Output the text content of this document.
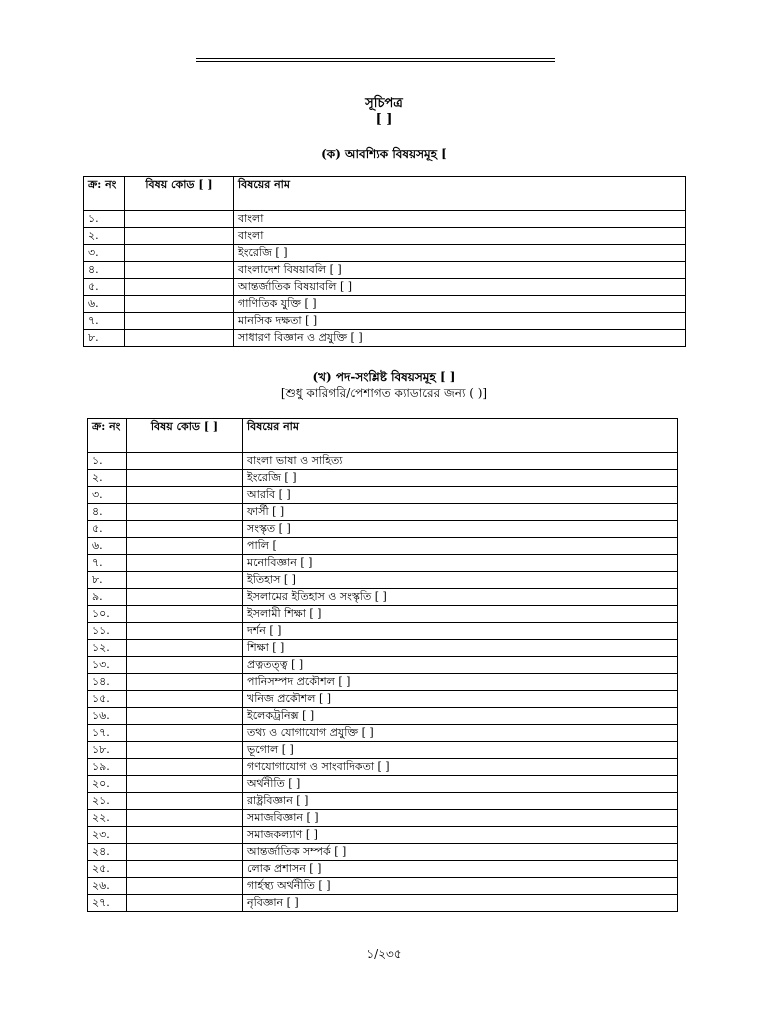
সূচিপত্র
[ ]
(ক) আবশ্যিক বিষয়সমূহ [
ক্র: নং	বিষয় কোড [ ]	বিষয়ের নাম
১.		বাংলা
২.		বাংলা
৩.		ইংরেজি [ ]
৪.		বাংলাদেশ বিষয়াবলি [ ]
৫.		আন্তর্জাতিক বিষয়াবলি [ ]
৬.		গাণিতিক যুক্তি [ ]
৭.		মানসিক দক্ষতা [ ]
৮.		সাধারণ বিজ্ঞান ও প্রযুক্তি [ ]
(খ) পদ-সংশ্লিষ্ট বিষয়সমূহ [ ]
[শুধু কারিগরি/পেশাগত ক্যাডারের জন্য ( )]
ক্র: নং	বিষয় কোড [ ]	বিষয়ের নাম
১.		বাংলা ভাষা ও সাহিত্য
২.		ইংরেজি [ ]
৩.		আরবি [ ]
৪.		ফার্সী [ ]
৫.		সংস্কৃত [ ]
৬.		পালি [
৭.		মনোবিজ্ঞান [ ]
৮.		ইতিহাস [ ]
৯.		ইসলামের ইতিহাস ও সংস্কৃতি [ ]
১০.		ইসলামী শিক্ষা [ ]
১১.		দর্শন [ ]
১২.		শিক্ষা [ ]
১৩.		প্রত্নতত্ত্ব [ ]
১৪.		পানিসম্পদ প্রকৌশল [ ]
১৫.		খনিজ প্রকৌশল [ ]
১৬.		ইলেকট্রনিক্স [ ]
১৭.		তথ্য ও যোগাযোগ প্রযুক্তি [ ]
১৮.		ভূগোল [ ]
১৯.		গণযোগাযোগ ও সাংবাদিকতা [ ]
২০.		অর্থনীতি [ ]
২১.		রাষ্ট্রবিজ্ঞান [ ]
২২.		সমাজবিজ্ঞান [ ]
২৩.		সমাজকল্যাণ [ ]
২৪.		আন্তর্জাতিক সম্পর্ক [ ]
২৫.		লোক প্রশাসন [ ]
২৬.		গার্হস্থ্য অর্থনীতি [ ]
২৭.		নৃবিজ্ঞান [ ]
১/২৩৫
